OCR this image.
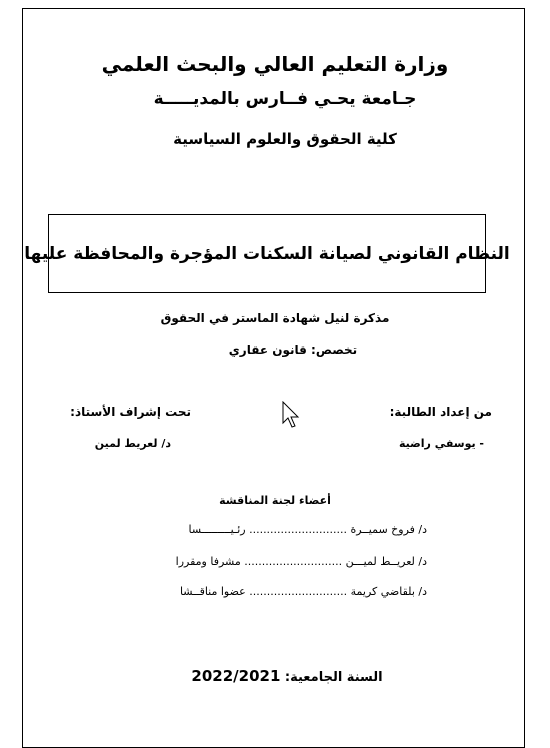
وزارة التعليم العالي والبحث العلمي
جـامعة يحـي فــارس بالمديـــــة
كلية الحقوق والعلوم السياسية
النظام القانوني لصيانة السكنات المؤجرة والمحافظة عليها
مذكرة لنيل شهادة الماستر في الحقوق
تخصص: قانون عقاري
من إعداد الطالبة:
- يوسفي راضية
تحت إشراف الأستاذ:
د/ لعريط لمين
أعضاء لجنة المناقشة
د/ فروخ سميــرة ............................ رئـيـــــــــسا
د/ لعريــط لميـــن ............................ مشرفا ومقررا
د/ بلقاضي كريمة ............................ عضوا مناقــشا
السنة الجامعية: 2022/2021
